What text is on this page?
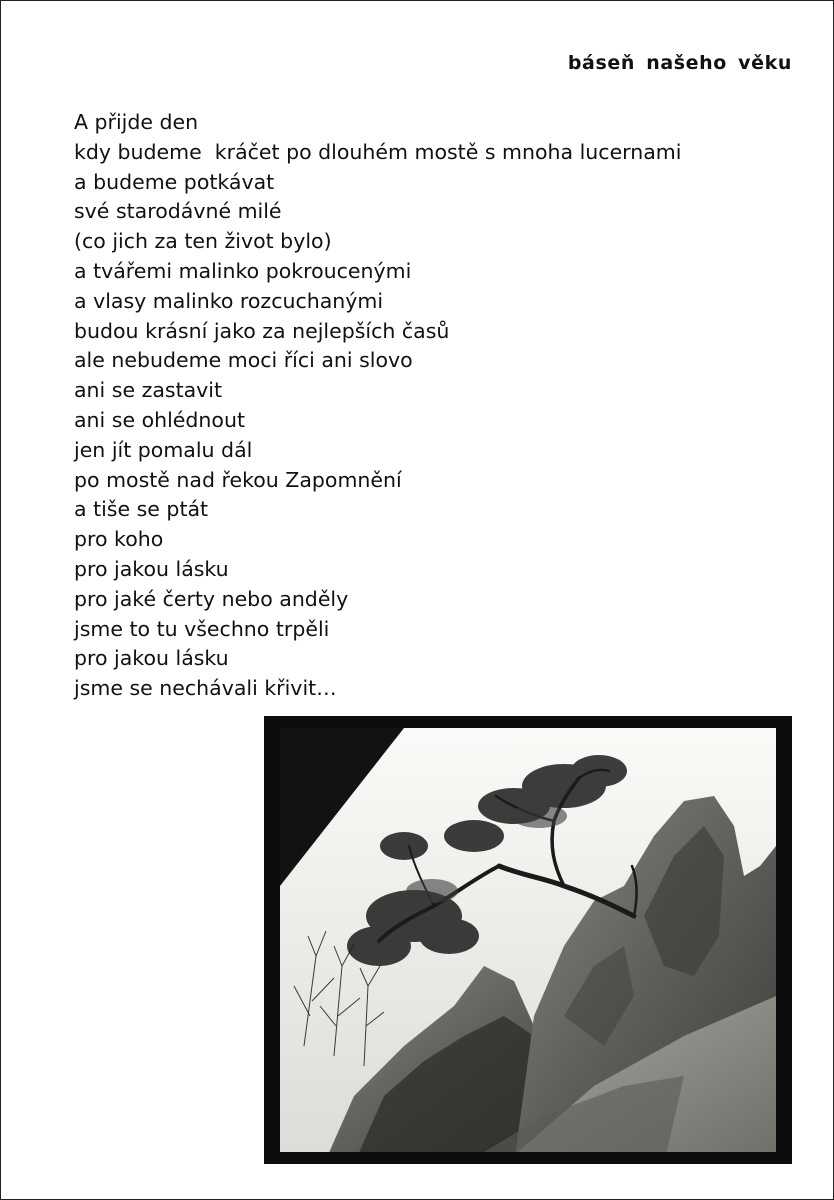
báseň našeho věku
A přijde den
kdy budeme  kráčet po dlouhém mostě s mnoha lucernami
a budeme potkávat
své starodávné milé
(co jich za ten život bylo)
a tvářemi malinko pokroucenými
a vlasy malinko rozcuchanými
budou krásní jako za nejlepších časů
ale nebudeme moci říci ani slovo
ani se zastavit
ani se ohlédnout
jen jít pomalu dál
po mostě nad řekou Zapomnění
a tiše se ptát
pro koho
pro jakou lásku
pro jaké čerty nebo anděly
jsme to tu všechno trpěli
pro jakou lásku
jsme se nechávali křivit…
